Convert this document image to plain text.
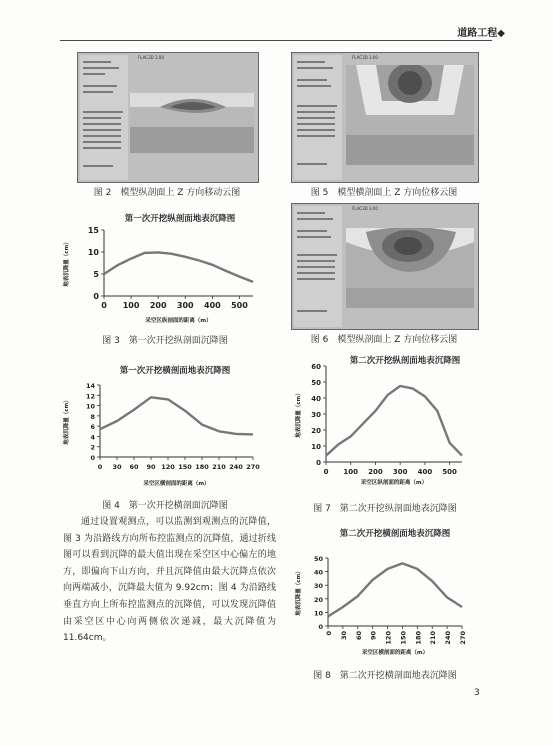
道路工程◆
FLAC3D 3.00
图 2　模型纵剖面上 Z 方向移动云图
FLAC3D 3.00
图 5　模型横剖面上 Z 方向位移云图
第一次开挖纵剖面地表沉降图
0
5
10
15
0 100 200 300 400 500
采空区纵剖面的距离（m）
地表沉降量（cm）
图 3　第一次开挖纵剖面沉降图
FLAC3D 3.00
图 6　模型纵剖面上 Z 方向位移云图
第一次开挖横剖面地表沉降图
0
2
4
6
8
10
12
14
0 30 60 90 120 150 180 210 240 270
采空区横剖面的距离（m）
地表沉降量（cm）
图 4　第一次开挖横剖面沉降图
第二次开挖纵剖面地表沉降图
0
10
20
30
40
50
60
0 100 200 300 400 500
采空区纵剖面的距离（m）
地表沉降量（cm）
图 7　第二次开挖纵剖面地表沉降图
第二次开挖横剖面地表沉降图
0
10
20
30
40
50
0 30 60 90 120 150 180 210 240 270
采空区横剖面的距离（m）
地表沉降量（cm）
图 8　第二次开挖横剖面地表沉降图

通过设置观测点，可以监测到观测点的沉降值，图 3 为沿路线方向所布控监测点的沉降值，通过折线图可以看到沉降的最大值出现在采空区中心偏左的地方，即偏向下山方向，并且沉降值由最大沉降点依次向两端减小，沉降最大值为 9.92cm；图 4 为沿路线垂直方向上所布控监测点的沉降值，可以发现沉降值由采空区中心向两侧依次递减，最大沉降值为 11.64cm。

3
